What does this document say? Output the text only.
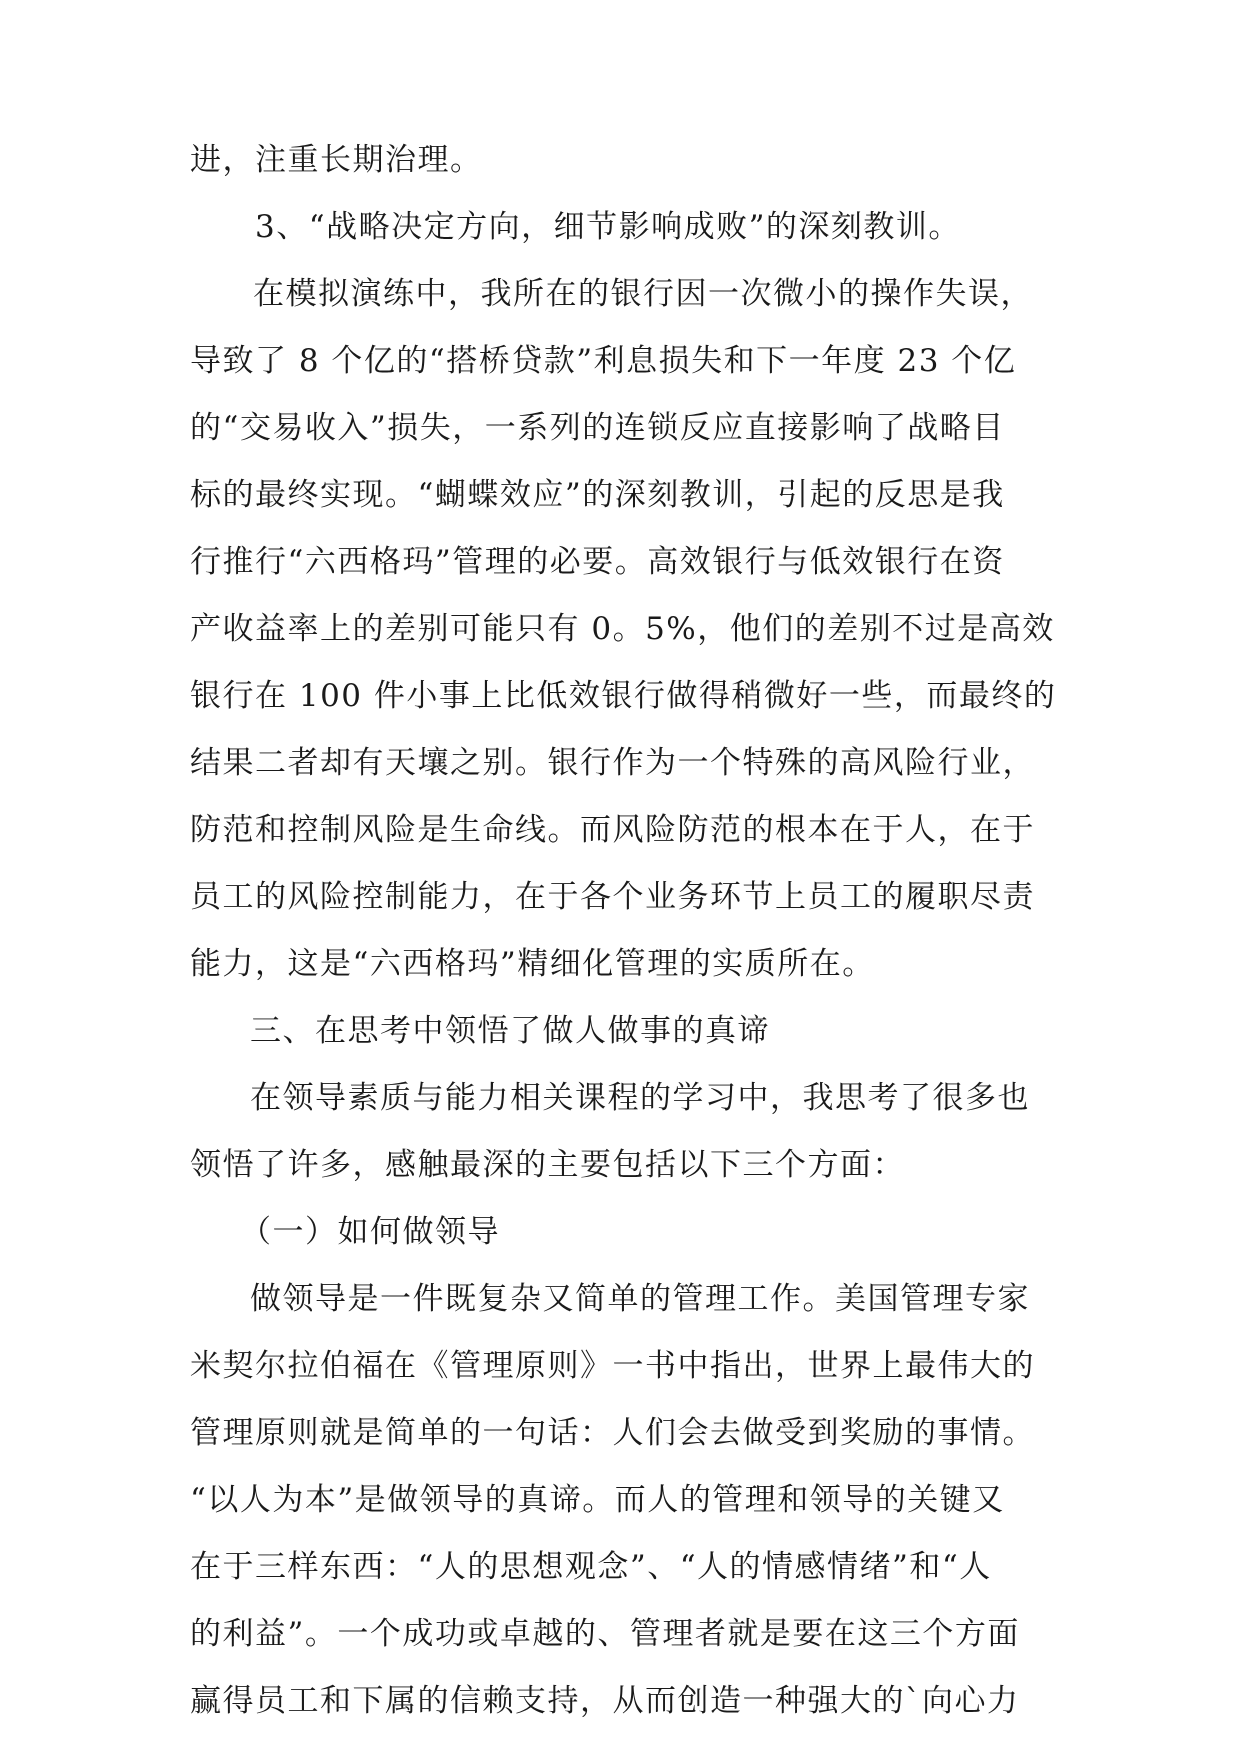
进，注重长期治理。
3、“战略决定方向，细节影响成败”的深刻教训。
在模拟演练中，我所在的银行因一次微小的操作失误，
导致了 8 个亿的“搭桥贷款”利息损失和下一年度 23 个亿
的“交易收入”损失，一系列的连锁反应直接影响了战略目
标的最终实现。“蝴蝶效应”的深刻教训，引起的反思是我
行推行“六西格玛”管理的必要。高效银行与低效银行在资
产收益率上的差别可能只有 0。5%，他们的差别不过是高效
银行在 100 件小事上比低效银行做得稍微好一些，而最终的
结果二者却有天壤之别。银行作为一个特殊的高风险行业，
防范和控制风险是生命线。而风险防范的根本在于人，在于
员工的风险控制能力，在于各个业务环节上员工的履职尽责
能力，这是“六西格玛”精细化管理的实质所在。
三、在思考中领悟了做人做事的真谛
在领导素质与能力相关课程的学习中，我思考了很多也
领悟了许多，感触最深的主要包括以下三个方面：
（一）如何做领导
做领导是一件既复杂又简单的管理工作。美国管理专家
米契尔拉伯福在《管理原则》一书中指出，世界上最伟大的
管理原则就是简单的一句话：人们会去做受到奖励的事情。
“以人为本”是做领导的真谛。而人的管理和领导的关键又
在于三样东西：“人的思想观念”、“人的情感情绪”和“人
的利益”。一个成功或卓越的、管理者就是要在这三个方面
赢得员工和下属的信赖支持，从而创造一种强大的`向心力
